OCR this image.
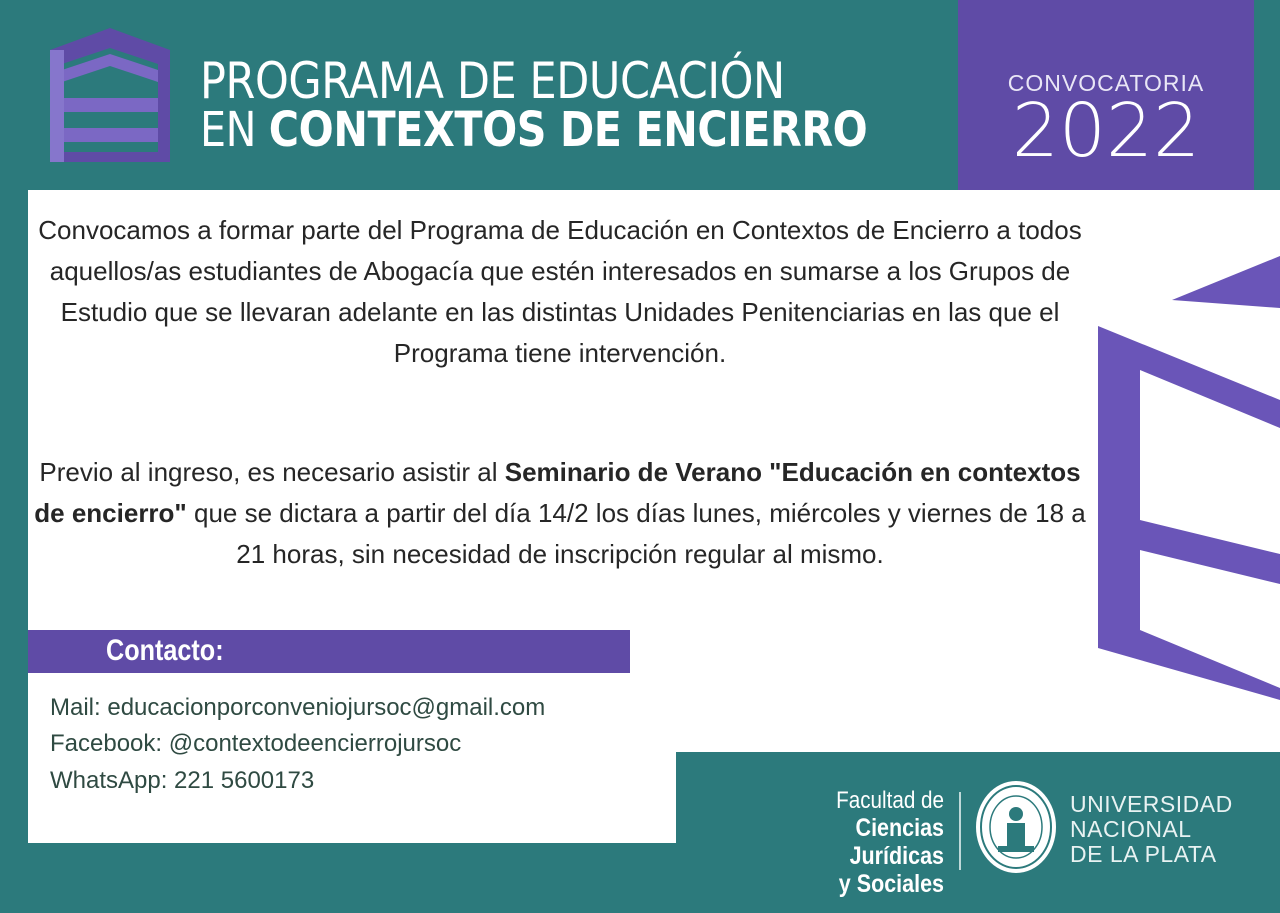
PROGRAMA DE EDUCACIÓN
EN CONTEXTOS DE ENCIERRO
CONVOCATORIA
2022
Convocamos a formar parte del Programa de Educación en Contextos de Encierro a todos aquellos/as estudiantes de Abogacía que estén interesados en sumarse a los Grupos de Estudio que se llevaran adelante en las distintas Unidades Penitenciarias en las que el Programa tiene intervención.
Previo al ingreso, es necesario asistir al Seminario de Verano "Educación en contextos de encierro" que se dictara a partir del día 14/2 los días lunes, miércoles y viernes de 18 a 21 horas, sin necesidad de inscripción regular al mismo.
Contacto:
Mail: educacionporconveniojursoc@gmail.com
Facebook: @contextodeencierrojursoc
WhatsApp: 221 5600173
Facultad de
Ciencias Jurídicas
y Sociales
UNIVERSIDAD
NACIONAL
DE LA PLATA
